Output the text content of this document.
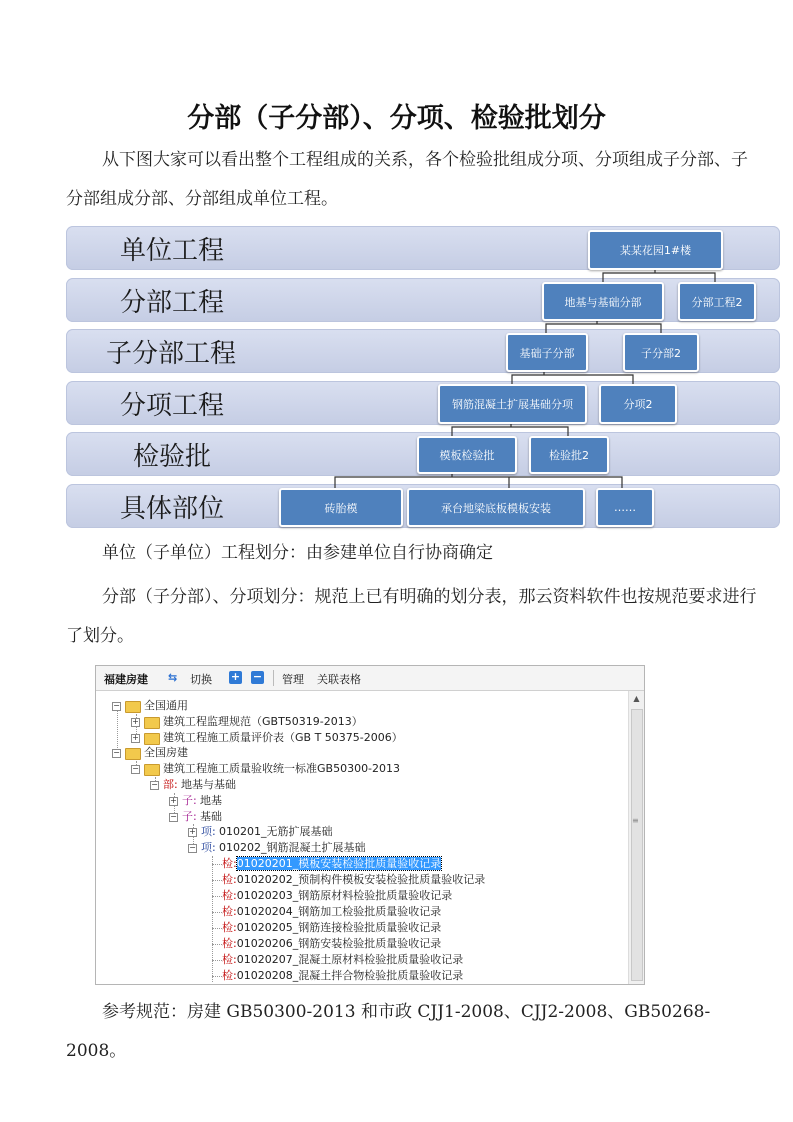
分部（子分部）、分项、检验批划分

从下图大家可以看出整个工程组成的关系，各个检验批组成分项、分项组成子分部、子分部组成分部、分部组成单位工程。

单位工程
分部工程
子分部工程
分项工程
检验批
具体部位
某某花园1#楼
地基与基础分部	分部工程2
基础子分部	子分部2
钢筋混凝土扩展基础分项	分项2
模板检验批	检验批2
砖胎模	承台地梁底板模板安装	……

单位（子单位）工程划分：由参建单位自行协商确定

分部（子分部）、分项划分：规范上已有明确的划分表，那云资料软件也按规范要求进行了划分。

福建房建 ⇆ 切换 + − 管理 关联表格
− 全国通用
+ 建筑工程监理规范（GBT50319-2013）
+ 建筑工程施工质量评价表（GB T 50375-2006）
− 全国房建
− 建筑工程施工质量验收统一标准GB50300-2013
− 部: 地基与基础
+ 子: 地基
− 子: 基础
+ 项: 010201_无筋扩展基础
− 项: 010202_钢筋混凝土扩展基础
检:01020201_模板安装检验批质量验收记录
检:01020202_预制构件模板安装检验批质量验收记录
检:01020203_钢筋原材料检验批质量验收记录
检:01020204_钢筋加工检验批质量验收记录
检:01020205_钢筋连接检验批质量验收记录
检:01020206_钢筋安装检验批质量验收记录
检:01020207_混凝土原材料检验批质量验收记录
检:01020208_混凝土拌合物检验批质量验收记录
▲
≡

参考规范：房建 GB50300-2013 和市政 CJJ1-2008、CJJ2-2008、GB50268-2008。
